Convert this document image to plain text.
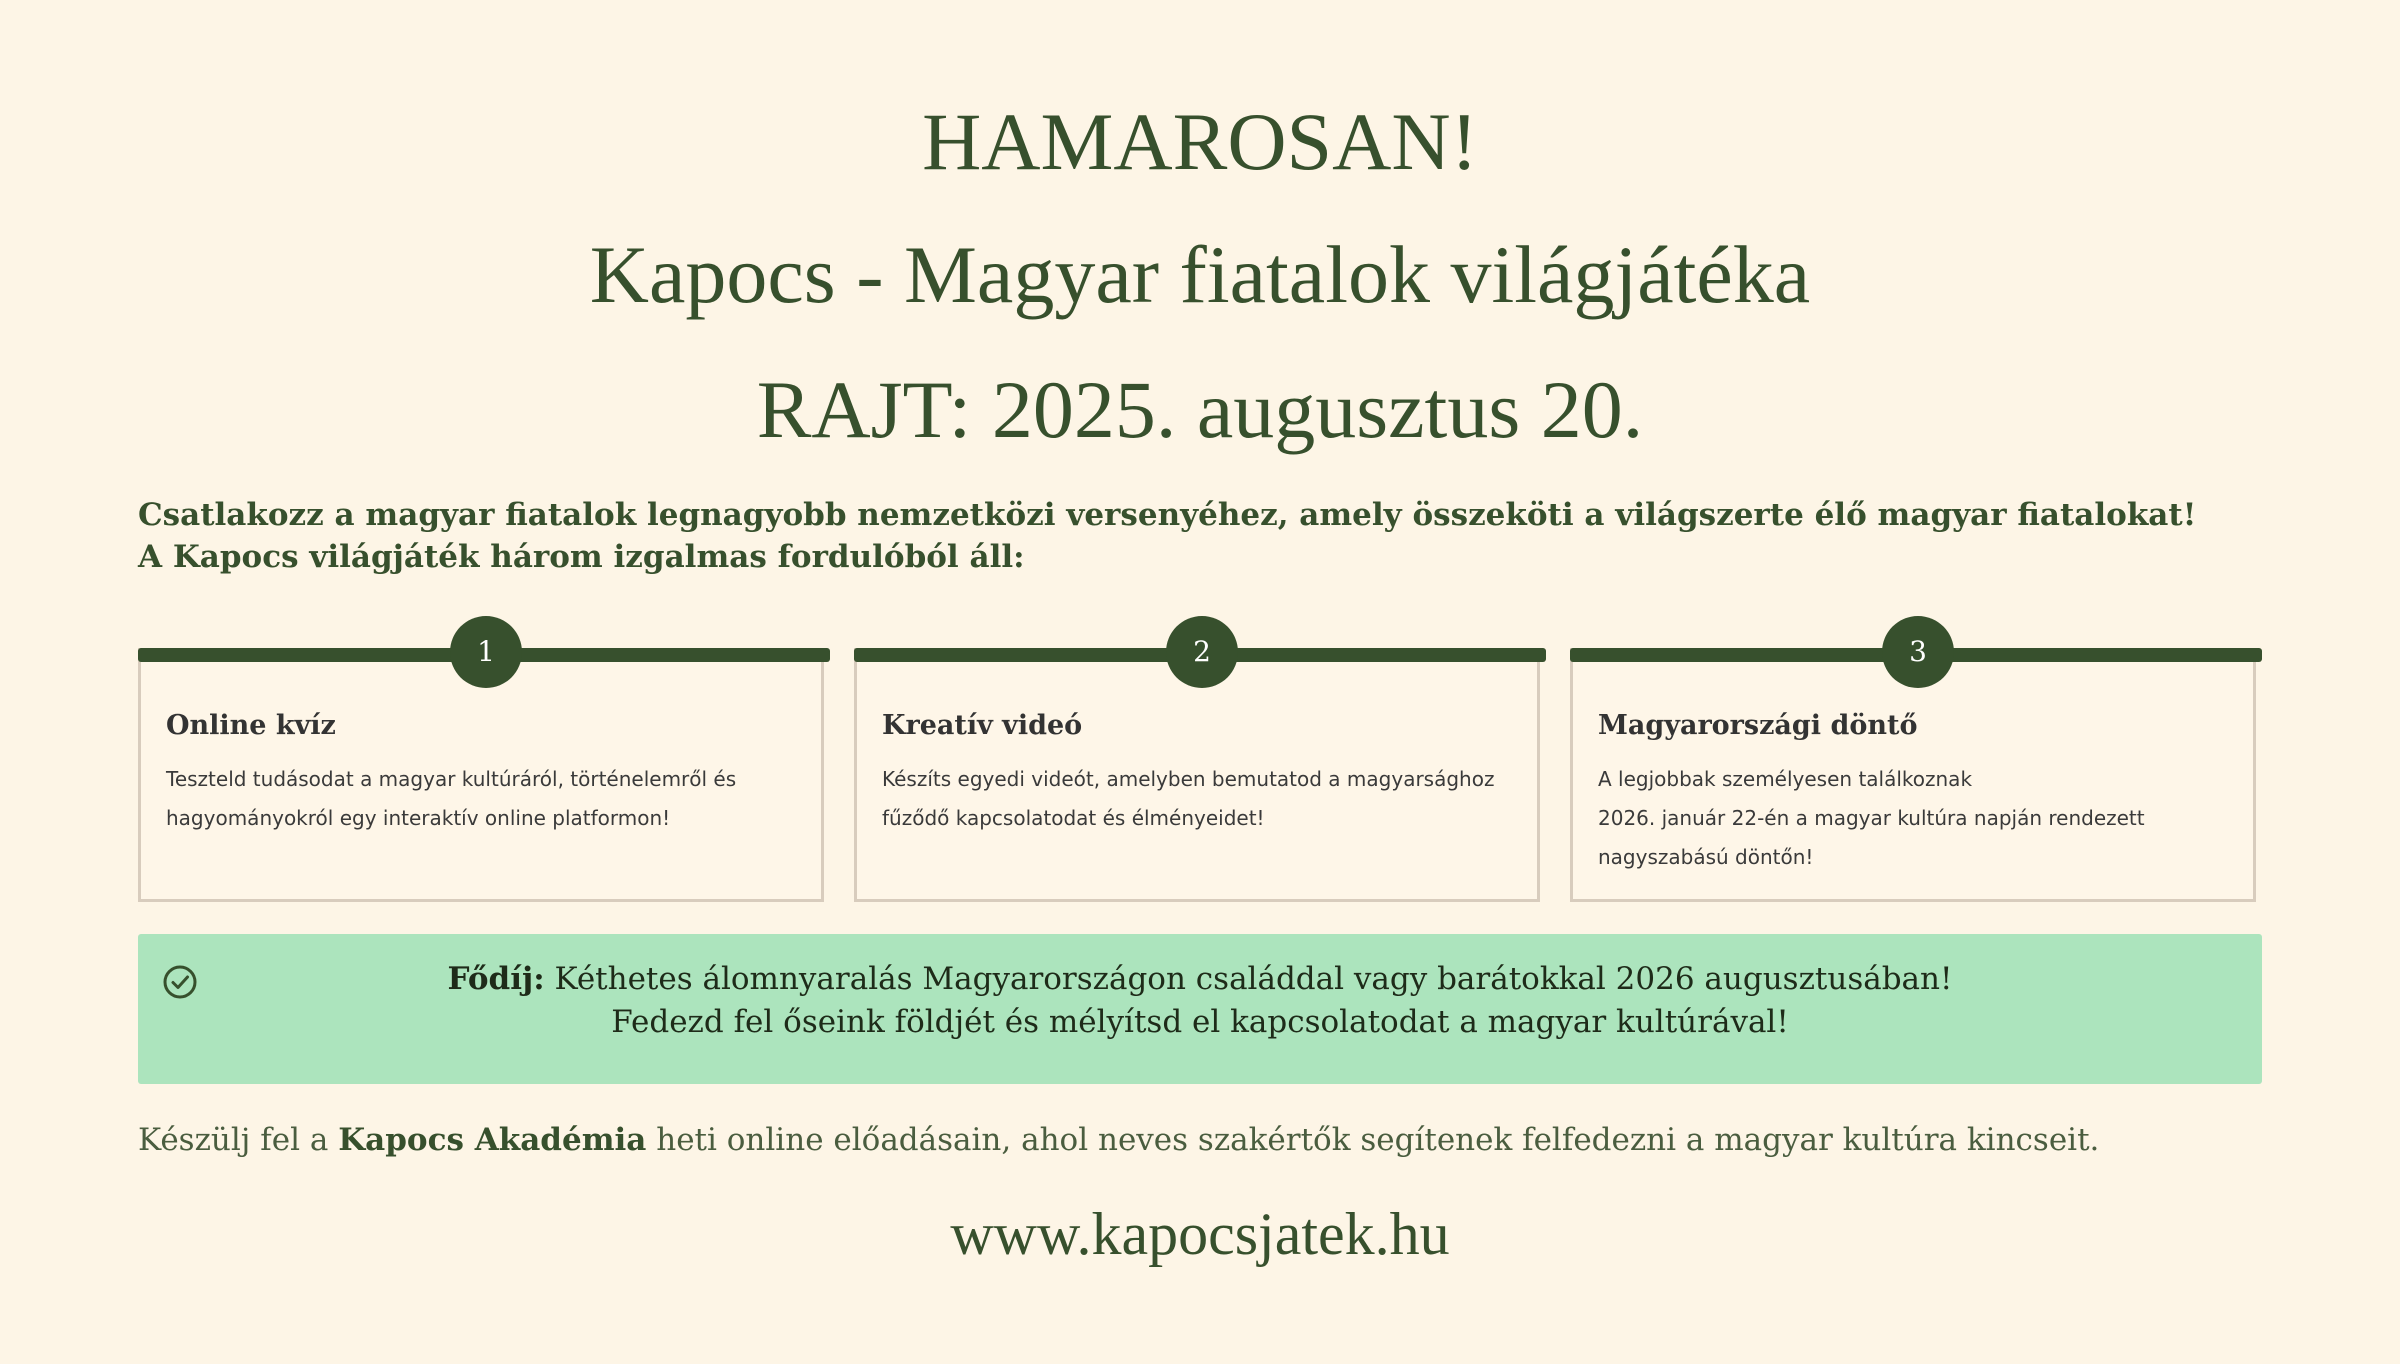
HAMAROSAN!
Kapocs - Magyar fiatalok világjátéka
RAJT: 2025. augusztus 20.
Csatlakozz a magyar fiatalok legnagyobb nemzetközi versenyéhez, amely összeköti a világszerte élő magyar fiatalokat!
A Kapocs világjáték három izgalmas fordulóból áll:
1
Online kvíz
Teszteld tudásodat a magyar kultúráról, történelemről és
hagyományokról egy interaktív online platformon!
2
Kreatív videó
Készíts egyedi videót, amelyben bemutatod a magyarsághoz
fűződő kapcsolatodat és élményeidet!
3
Magyarországi döntő
A legjobbak személyesen találkoznak
2026. január 22-én a magyar kultúra napján rendezett
nagyszabású döntőn!
Fődíj: Kéthetes álomnyaralás Magyarországon családdal vagy barátokkal 2026 augusztusában!
Fedezd fel őseink földjét és mélyítsd el kapcsolatodat a magyar kultúrával!
Készülj fel a Kapocs Akadémia heti online előadásain, ahol neves szakértők segítenek felfedezni a magyar kultúra kincseit.
www.kapocsjatek.hu
